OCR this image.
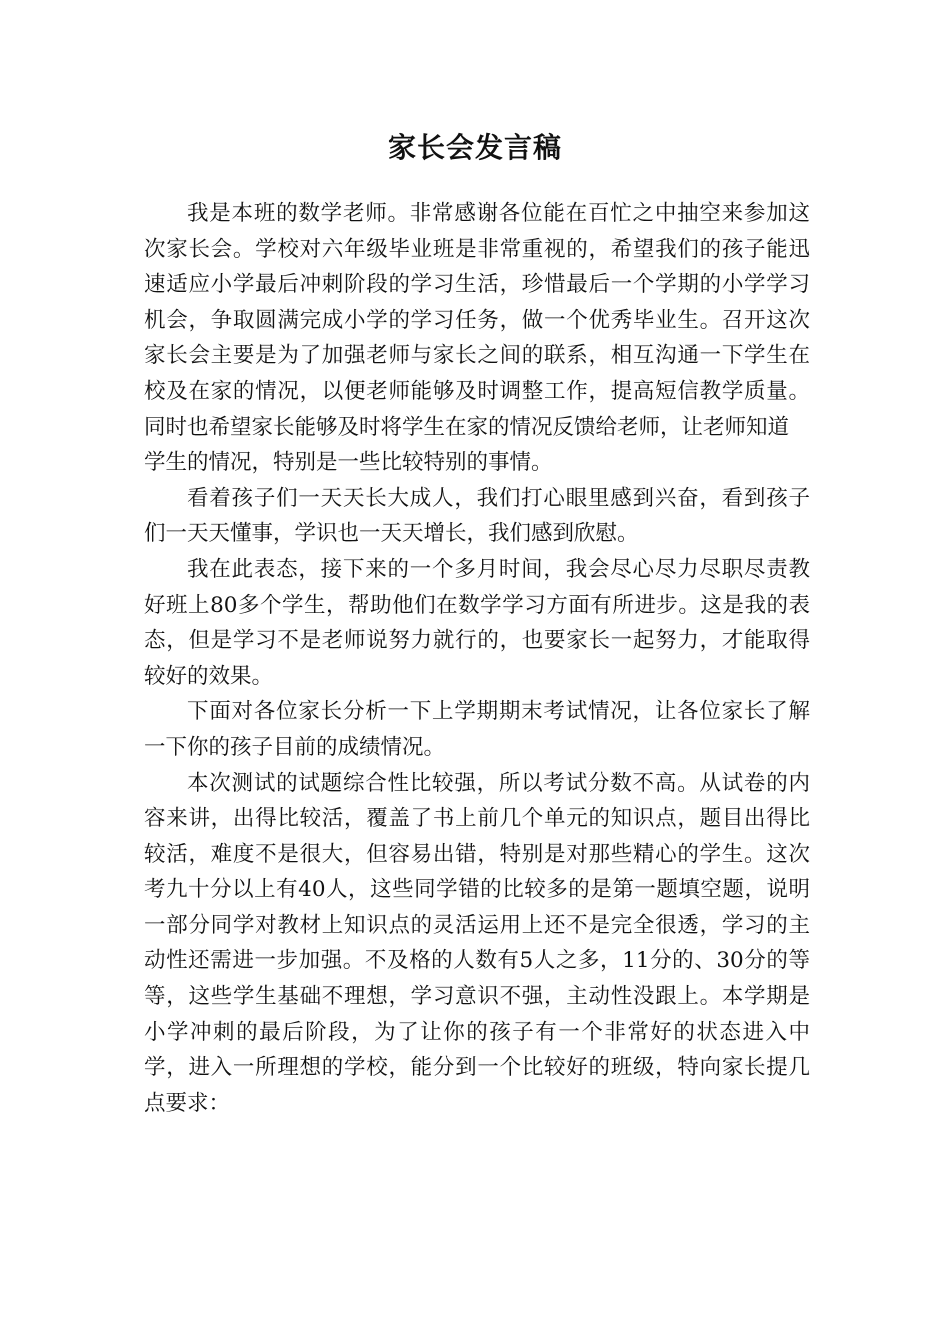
家长会发言稿

我是本班的数学老师。非常感谢各位能在百忙之中抽空来参加这次家长会。学校对六年级毕业班是非常重视的，希望我们的孩子能迅速适应小学最后冲刺阶段的学习生活，珍惜最后一个学期的小学学习机会，争取圆满完成小学的学习任务，做一个优秀毕业生。召开这次家长会主要是为了加强老师与家长之间的联系，相互沟通一下学生在校及在家的情况，以便老师能够及时调整工作，提高短信教学质量。同时也希望家长能够及时将学生在家的情况反馈给老师，让老师知道

学生的情况，特别是一些比较特别的事情。

看着孩子们一天天长大成人，我们打心眼里感到兴奋，看到孩子们一天天懂事，学识也一天天增长，我们感到欣慰。

我在此表态，接下来的一个多月时间，我会尽心尽力尽职尽责教好班上80多个学生，帮助他们在数学学习方面有所进步。这是我的表态，但是学习不是老师说努力就行的，也要家长一起努力，才能取得较好的效果。

下面对各位家长分析一下上学期期末考试情况，让各位家长了解一下你的孩子目前的成绩情况。

本次测试的试题综合性比较强，所以考试分数不高。从试卷的内容来讲，出得比较活，覆盖了书上前几个单元的知识点，题目出得比较活，难度不是很大，但容易出错，特别是对那些精心的学生。这次考九十分以上有40人，这些同学错的比较多的是第一题填空题，说明一部分同学对教材上知识点的灵活运用上还不是完全很透，学习的主动性还需进一步加强。不及格的人数有5人之多，11分的、30分的等等，这些学生基础不理想，学习意识不强，主动性没跟上。本学期是小学冲刺的最后阶段，为了让你的孩子有一个非常好的状态进入中学，进入一所理想的学校，能分到一个比较好的班级，特向家长提几点要求：
